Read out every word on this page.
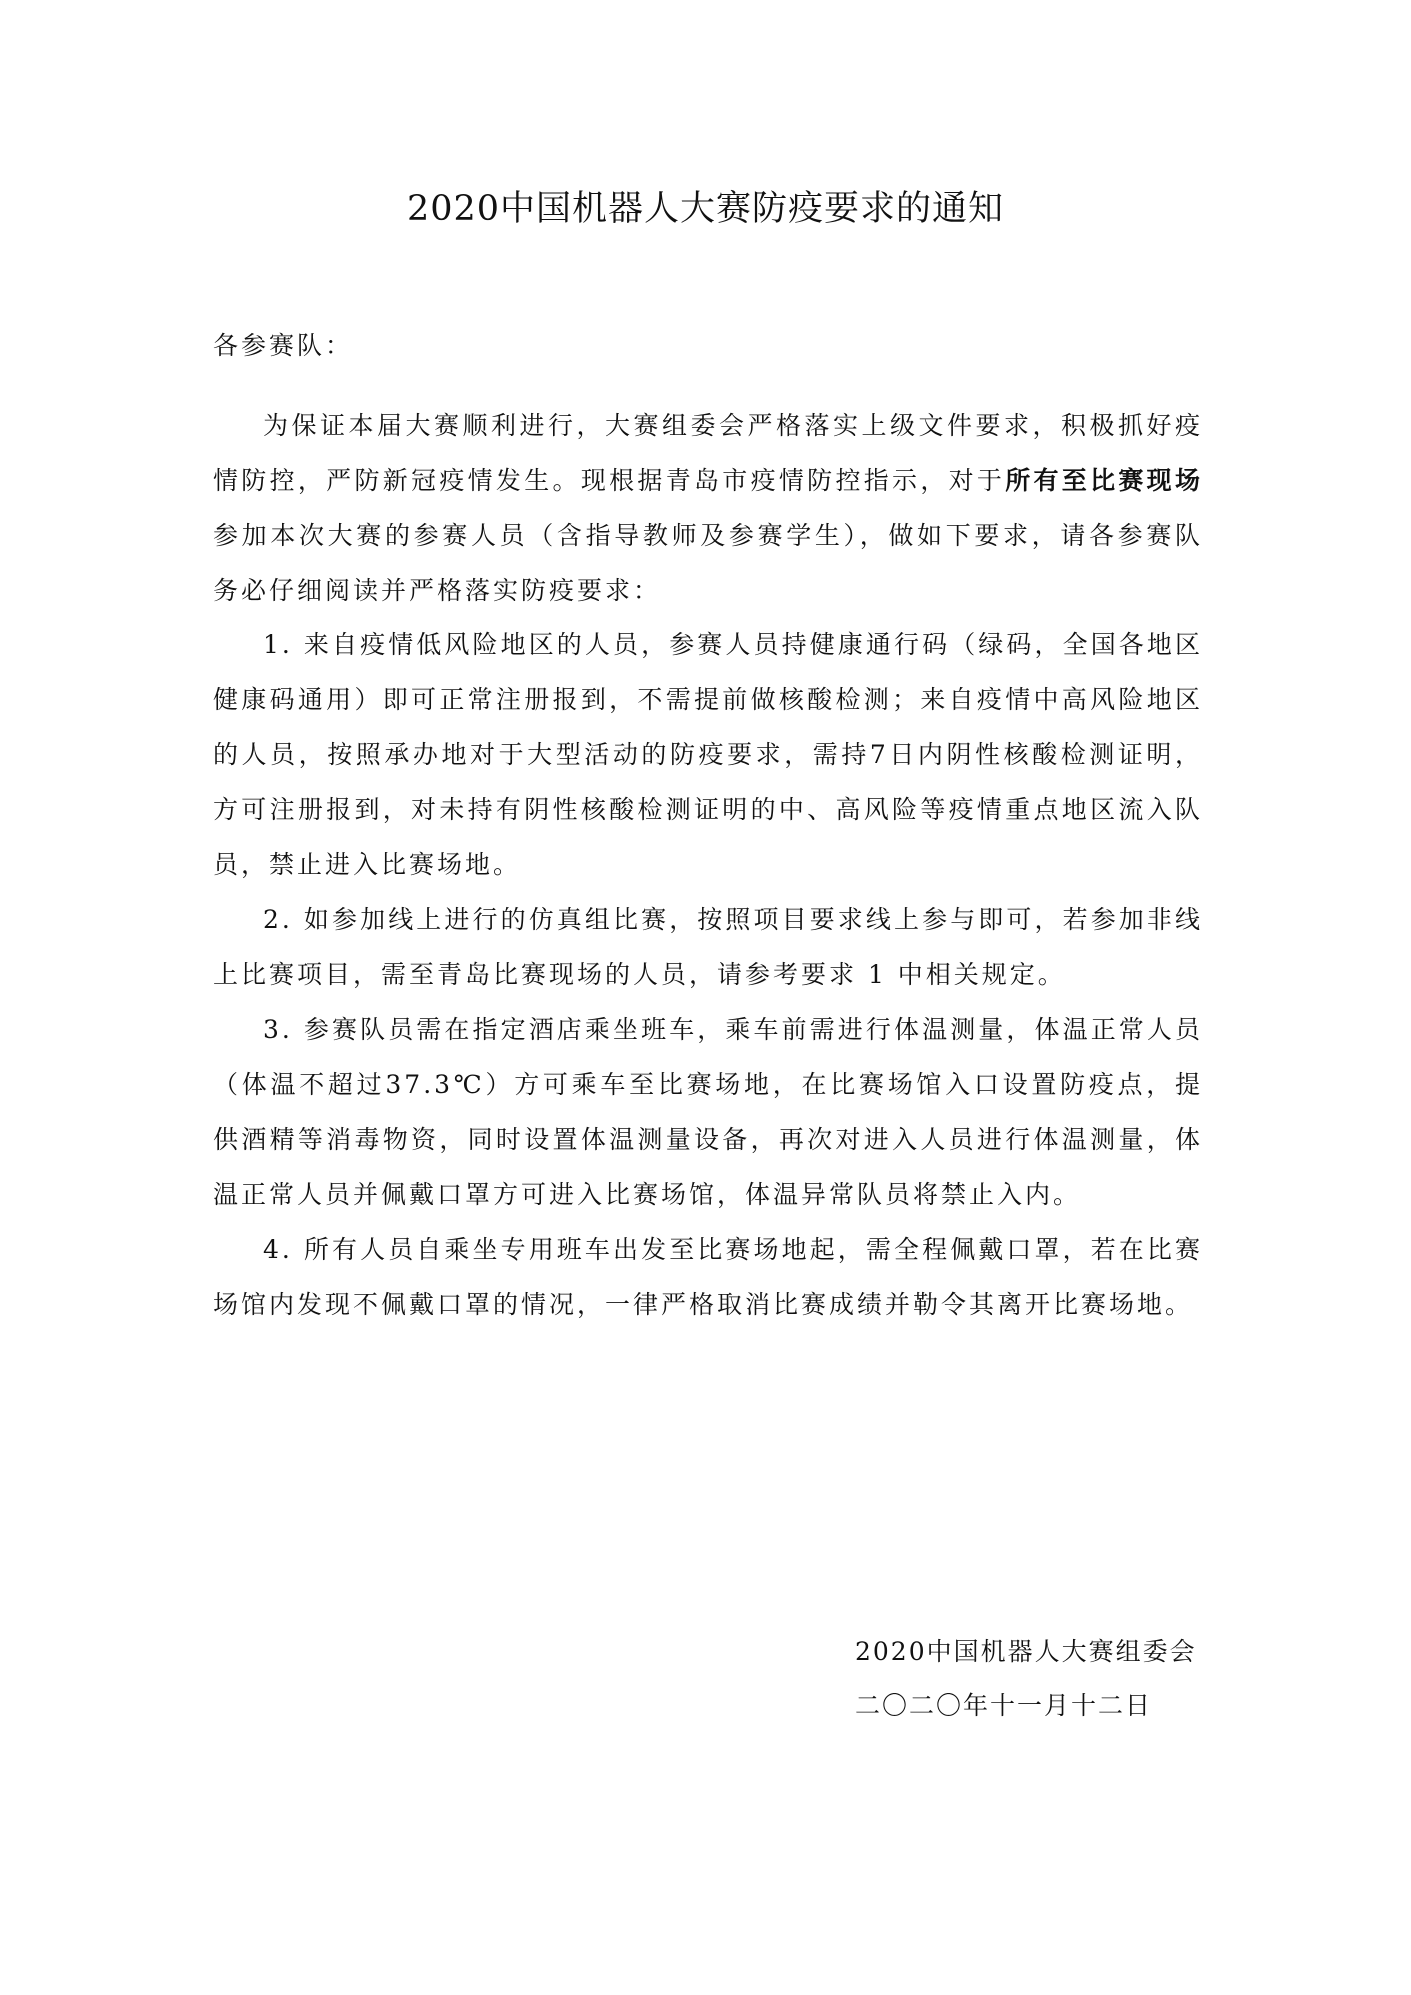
2020中国机器人大赛防疫要求的通知
各参赛队：

为保证本届大赛顺利进行，大赛组委会严格落实上级文件要求，积极抓好疫情防控，严防新冠疫情发生。现根据青岛市疫情防控指示，对于所有至比赛现场参加本次大赛的参赛人员（含指导教师及参赛学生），做如下要求，请各参赛队务必仔细阅读并严格落实防疫要求：

1. 来自疫情低风险地区的人员，参赛人员持健康通行码（绿码，全国各地区健康码通用）即可正常注册报到，不需提前做核酸检测；来自疫情中高风险地区的人员，按照承办地对于大型活动的防疫要求，需持7日内阴性核酸检测证明，方可注册报到，对未持有阴性核酸检测证明的中、高风险等疫情重点地区流入队员，禁止进入比赛场地。

2. 如参加线上进行的仿真组比赛，按照项目要求线上参与即可，若参加非线上比赛项目，需至青岛比赛现场的人员，请参考要求 1 中相关规定。

3. 参赛队员需在指定酒店乘坐班车，乘车前需进行体温测量，体温正常人员（体温不超过37.3℃）方可乘车至比赛场地，在比赛场馆入口设置防疫点，提供酒精等消毒物资，同时设置体温测量设备，再次对进入人员进行体温测量，体温正常人员并佩戴口罩方可进入比赛场馆，体温异常队员将禁止入内。

4. 所有人员自乘坐专用班车出发至比赛场地起，需全程佩戴口罩，若在比赛场馆内发现不佩戴口罩的情况，一律严格取消比赛成绩并勒令其离开比赛场地。

2020中国机器人大赛组委会
二〇二〇年十一月十二日
